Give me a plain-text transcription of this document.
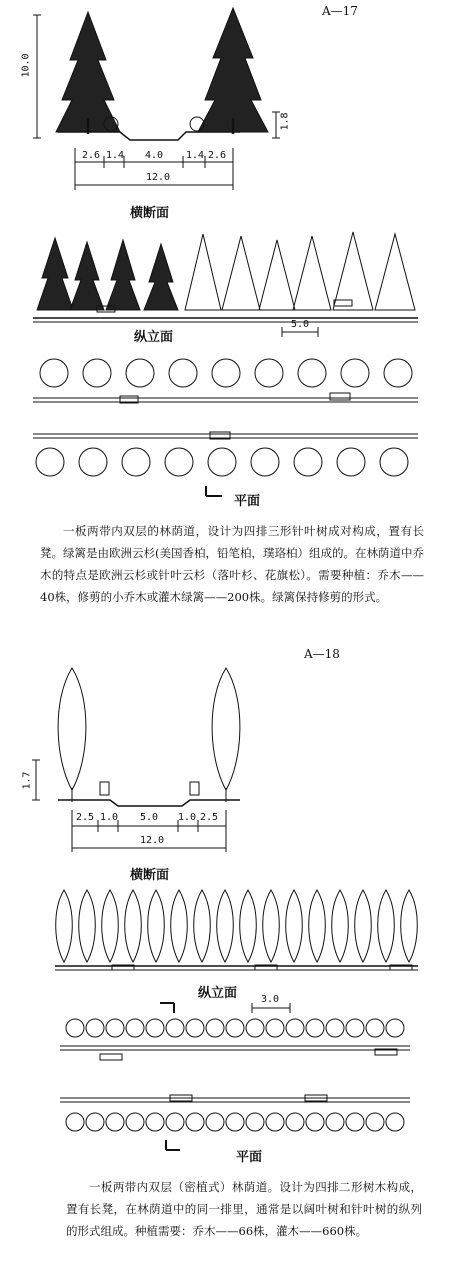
A—17
10.0
1.8
2.6 1.4 4.0 1.4 2.6
12.0
横断面
纵立面
5.0
平面
一板两带内双层的林荫道，设计为四排三形针叶树成对构成，置有长凳。绿篱是由欧洲云杉(美国香柏，铅笔柏，璞珞柏）组成的。在林荫道中乔木的特点是欧洲云杉或针叶云杉（落叶杉、花旗松）。需要种植：乔木——40株，修剪的小乔木或灌木绿篱——200株。绿篱保持修剪的形式。
A—18
1.7
2.5 1.0 5.0 1.0 2.5
12.0
横断面
纵立面 3.0
平面
一板两带内双层（密植式）林荫道。设计为四排二形树木构成，置有长凳，在林荫道中的同一排里，通常是以阔叶树和针叶树的纵列的形式组成。种植需要：乔木——66株，灌木——660株。
